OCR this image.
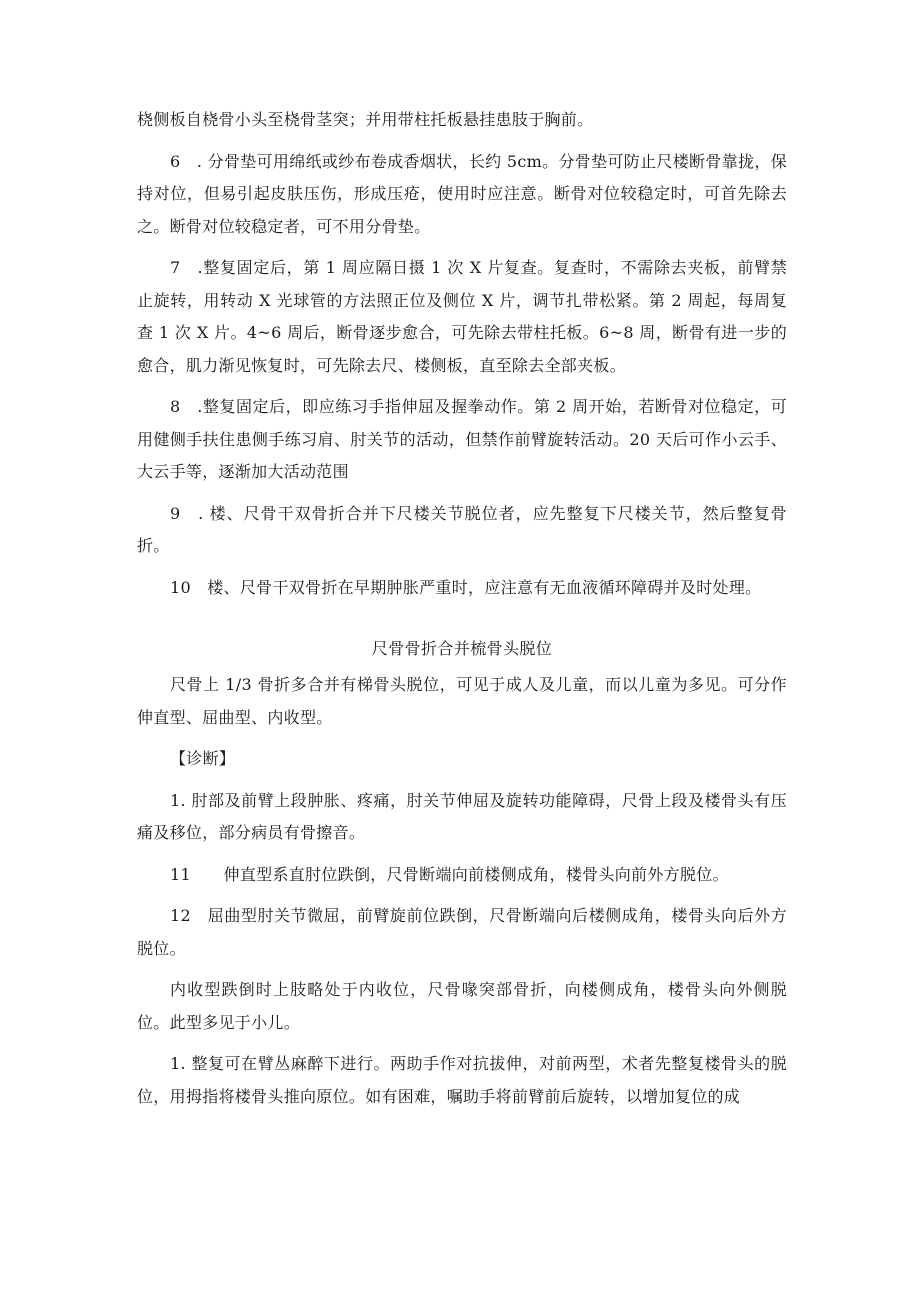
桡侧板自桡骨小头至桡骨茎突；并用带柱托板悬挂患肢于胸前。

6　. 分骨垫可用绵纸或纱布卷成香烟状，长约 5cm。分骨垫可防止尺楼断骨靠拢，保持对位，但易引起皮肤压伤，形成压疮，使用时应注意。断骨对位较稳定时，可首先除去之。断骨对位较稳定者，可不用分骨垫。

7　.整复固定后，第 1 周应隔日摄 1 次 X 片复查。复查时，不需除去夹板，前臂禁止旋转，用转动 X 光球管的方法照正位及侧位 X 片，调节扎带松紧。第 2 周起，每周复查 1 次 X 片。4~6 周后，断骨逐步愈合，可先除去带柱托板。6~8 周，断骨有进一步的愈合，肌力渐见恢复时，可先除去尺、楼侧板，直至除去全部夹板。

8　.整复固定后，即应练习手指伸屈及握拳动作。第 2 周开始，若断骨对位稳定，可用健侧手扶住患侧手练习肩、肘关节的活动，但禁作前臂旋转活动。20 天后可作小云手、大云手等，逐渐加大活动范围

9　. 楼、尺骨干双骨折合并下尺楼关节脱位者，应先整复下尺楼关节，然后整复骨折。

10　楼、尺骨干双骨折在早期肿胀严重时，应注意有无血液循环障碍并及时处理。

尺骨骨折合并梳骨头脱位

尺骨上 1/3 骨折多合并有梯骨头脱位，可见于成人及儿童，而以儿童为多见。可分作伸直型、屈曲型、内收型。

【诊断】

1. 肘部及前臂上段肿胀、疼痛，肘关节伸屈及旋转功能障碍，尺骨上段及楼骨头有压痛及移位，部分病员有骨擦音。

11　　伸直型系直肘位跌倒，尺骨断端向前楼侧成角，楼骨头向前外方脱位。

12　屈曲型肘关节微屈，前臂旋前位跌倒，尺骨断端向后楼侧成角，楼骨头向后外方脱位。

内收型跌倒时上肢略处于内收位，尺骨喙突部骨折，向楼侧成角，楼骨头向外侧脱位。此型多见于小儿。

1. 整复可在臂丛麻醉下进行。两助手作对抗拔伸，对前两型，术者先整复楼骨头的脱位，用拇指将楼骨头推向原位。如有困难，嘱助手将前臂前后旋转，以增加复位的成
